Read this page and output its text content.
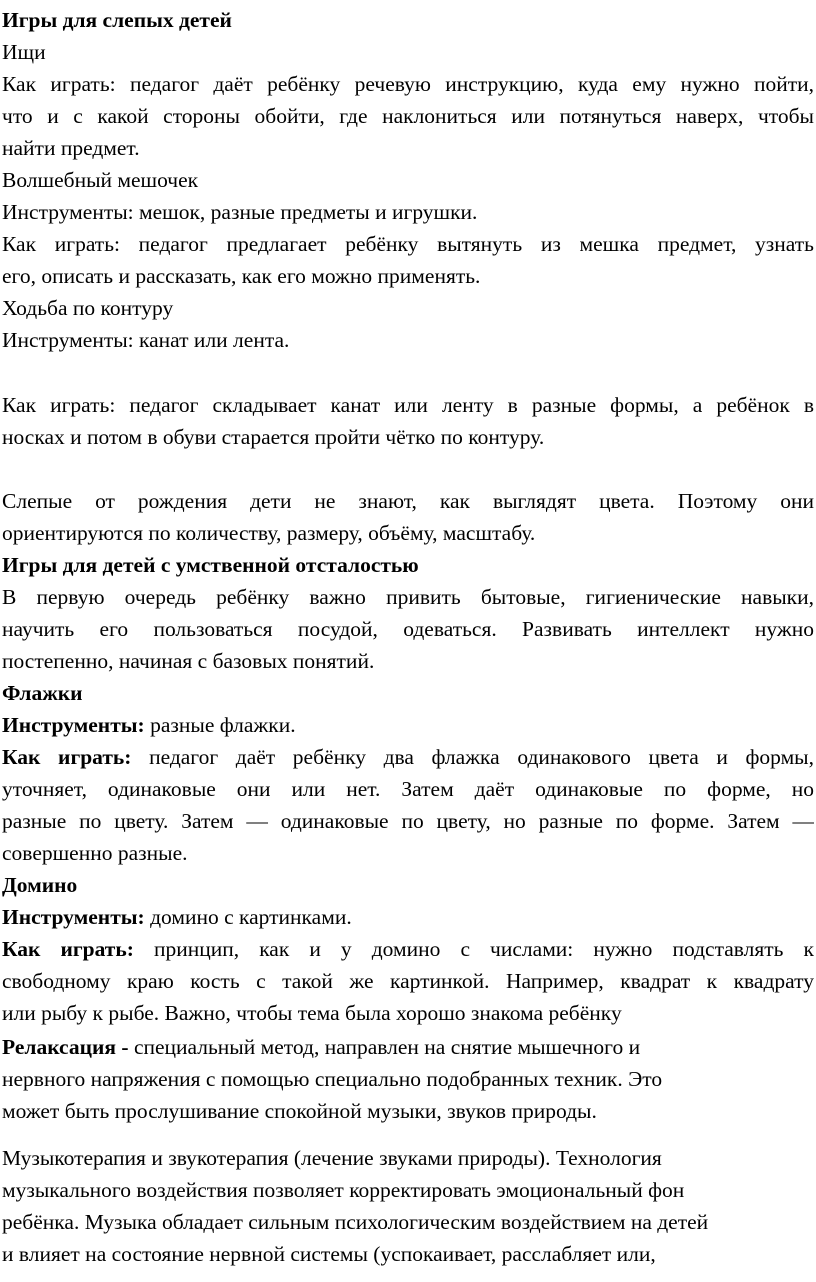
Игры для слепых детей

Ищи

Как играть: педагог даёт ребёнку речевую инструкцию, куда ему нужно пойти,

что и с какой стороны обойти, где наклониться или потянуться наверх, чтобы

найти предмет.

Волшебный мешочек

Инструменты: мешок, разные предметы и игрушки.

Как играть: педагог предлагает ребёнку вытянуть из мешка предмет, узнать

его, описать и рассказать, как его можно применять.

Ходьба по контуру

Инструменты: канат или лента.

Как играть: педагог складывает канат или ленту в разные формы, а ребёнок в

носках и потом в обуви старается пройти чётко по контуру.

Слепые от рождения дети не знают, как выглядят цвета. Поэтому они

ориентируются по количеству, размеру, объёму, масштабу.

Игры для детей с умственной отсталостью

В первую очередь ребёнку важно привить бытовые, гигиенические навыки,

научить его пользоваться посудой, одеваться. Развивать интеллект нужно

постепенно, начиная с базовых понятий.

Флажки

Инструменты: разные флажки.

Как играть: педагог даёт ребёнку два флажка одинакового цвета и формы,

уточняет, одинаковые они или нет. Затем даёт одинаковые по форме, но

разные по цвету. Затем — одинаковые по цвету, но разные по форме. Затем —

совершенно разные.

Домино

Инструменты: домино с картинками.

Как играть: принцип, как и у домино с числами: нужно подставлять к

свободному краю кость с такой же картинкой. Например, квадрат к квадрату

или рыбу к рыбе. Важно, чтобы тема была хорошо знакома ребёнку

Релаксация - специальный метод, направлен на снятие мышечного и

нервного напряжения с помощью специально подобранных техник. Это

может быть прослушивание спокойной музыки, звуков природы.

Музыкотерапия и звукотерапия (лечение звуками природы). Технология

музыкального воздействия позволяет корректировать эмоциональный фон

ребёнка. Музыка обладает сильным психологическим воздействием на детей

и влияет на состояние нервной системы (успокаивает, расслабляет или,
